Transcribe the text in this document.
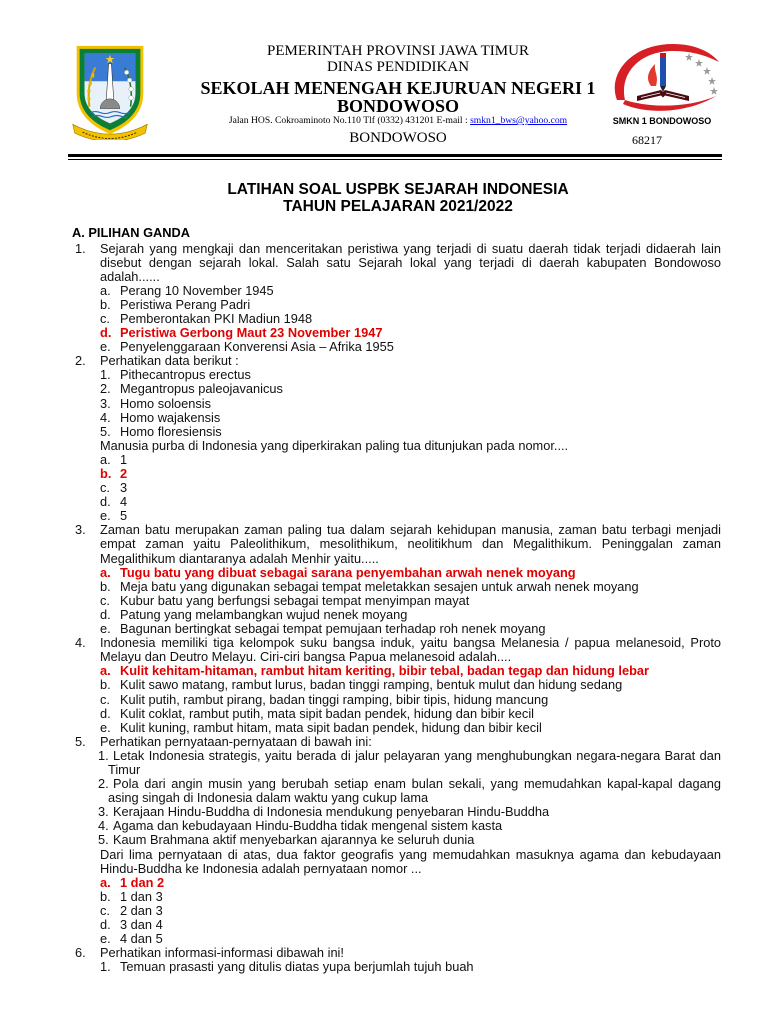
PEMERINTAH PROVINSI JAWA TIMUR
DINAS PENDIDIKAN
SEKOLAH MENENGAH KEJURUAN NEGERI 1
BONDOWOSO
Jalan HOS. Cokroaminoto No.110 Tlf (0332) 431201 E-mail : smkn1_bws@yahoo.com
BONDOWOSO
SMKN 1 BONDOWOSO
68217
LATIHAN SOAL USPBK SEJARAH INDONESIA
TAHUN PELAJARAN 2021/2022
A. PILIHAN GANDA
1.	Sejarah yang mengkaji dan menceritakan peristiwa yang terjadi di suatu daerah tidak terjadi didaerah lain
disebut dengan sejarah lokal. Salah satu Sejarah lokal yang terjadi di daerah kabupaten Bondowoso
adalah......
a. Perang 10 November 1945
b. Peristiwa Perang Padri
c. Pemberontakan PKI Madiun 1948
d. Peristiwa Gerbong Maut 23 November 1947
e. Penyelenggaraan Konverensi Asia – Afrika 1955
2.	Perhatikan data berikut :
1. Pithecantropus erectus
2. Megantropus paleojavanicus
3. Homo soloensis
4. Homo wajakensis
5. Homo floresiensis
Manusia purba di Indonesia yang diperkirakan paling tua ditunjukan pada nomor....
a. 1
b. 2
c. 3
d. 4
e. 5
3.	Zaman batu merupakan zaman paling tua dalam sejarah kehidupan manusia, zaman batu terbagi menjadi
empat zaman yaitu Paleolithikum, mesolithikum, neolitikhum dan Megalithikum. Peninggalan zaman
Megalithikum diantaranya adalah Menhir yaitu.....
a. Tugu batu yang dibuat sebagai sarana penyembahan arwah nenek moyang
b. Meja batu yang digunakan sebagai tempat meletakkan sesajen untuk arwah nenek moyang
c. Kubur batu yang berfungsi sebagai tempat menyimpan mayat
d. Patung yang melambangkan wujud nenek moyang
e. Bagunan bertingkat sebagai tempat pemujaan terhadap roh nenek moyang
4.	Indonesia memiliki tiga kelompok suku bangsa induk, yaitu bangsa Melanesia / papua melanesoid, Proto
Melayu dan Deutro Melayu. Ciri-ciri bangsa Papua melanesoid adalah....
a. Kulit kehitam-hitaman, rambut hitam keriting, bibir tebal, badan tegap dan hidung lebar
b. Kulit sawo matang, rambut lurus, badan tinggi ramping, bentuk mulut dan hidung sedang
c. Kulit putih, rambut pirang, badan tinggi ramping, bibir tipis, hidung mancung
d. Kulit coklat, rambut putih, mata sipit badan pendek, hidung dan bibir kecil
e. Kulit kuning, rambut hitam, mata sipit badan pendek, hidung dan bibir kecil
5.	Perhatikan pernyataan-pernyataan di bawah ini:
1. Letak Indonesia strategis, yaitu berada di jalur pelayaran yang menghubungkan negara-negara Barat dan
Timur
2. Pola dari angin musin yang berubah setiap enam bulan sekali, yang memudahkan kapal-kapal dagang
asing singah di Indonesia dalam waktu yang cukup lama
3. Kerajaan Hindu-Buddha di Indonesia mendukung penyebaran Hindu-Buddha
4. Agama dan kebudayaan Hindu-Buddha tidak mengenal sistem kasta
5. Kaum Brahmana aktif menyebarkan ajarannya ke seluruh dunia
Dari lima pernyataan di atas, dua faktor geografis yang memudahkan masuknya agama dan kebudayaan
Hindu-Buddha ke Indonesia adalah pernyataan nomor ...
a. 1 dan 2
b. 1 dan 3
c. 2 dan 3
d. 3 dan 4
e. 4 dan 5
6.	Perhatikan informasi-informasi dibawah ini!
1. Temuan prasasti yang ditulis diatas yupa berjumlah tujuh buah
